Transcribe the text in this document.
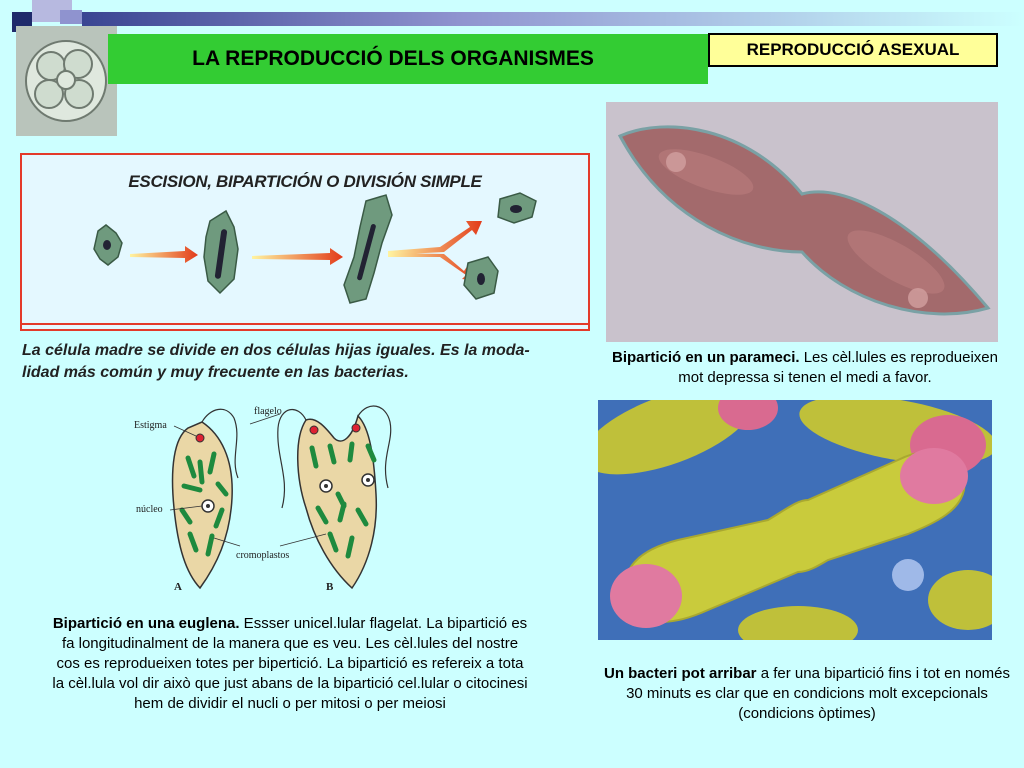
LA REPRODUCCIÓ DELS ORGANISMES	REPRODUCCIÓ ASEXUAL
ESCISION, BIPARTICIÓN O DIVISIÓN SIMPLE
La célula madre se divide en dos células hijas iguales. Es la moda-
lidad más común y muy frecuente en las bacterias.
Estigma
flagelo
núcleo
cromoplastos
A	B
Bipartició en una euglena. Essser unicel.lular flagelat. La bipartició es fa longitudinalment de la manera que es veu. Les cèl.lules del nostre cos es reprodueixen totes per bipertició. La bipartició es refereix a tota la cèl.lula vol dir això que just abans de la bipartició cel.lular o citocinesi hem de dividir el nucli o per mitosi o per meiosi
Bipartició en un parameci. Les cèl.lules es reprodueixen mot depressa si tenen el medi a favor.
Un bacteri pot arribar a fer una bipartició fins i tot en només 30 minuts es clar que en condicions molt excepcionals (condicions òptimes)
